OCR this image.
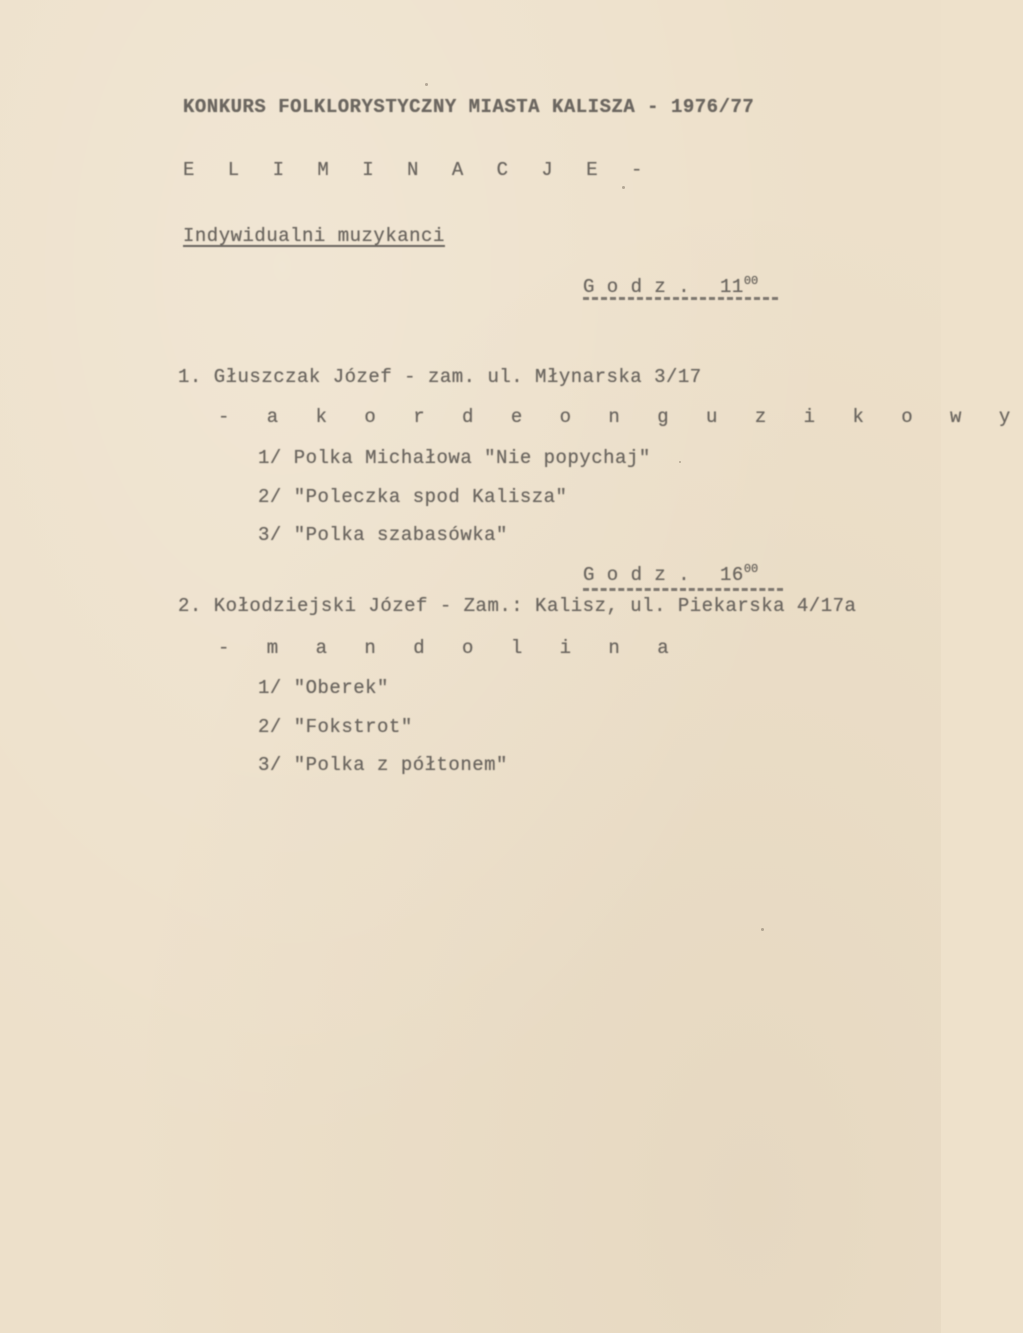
KONKURS FOLKLORYSTYCZNY MIASTA KALISZA - 1976/77
E L I M I N A C J E -
Indywidualni muzykanci
G o d z . $11^{00}$
1. Głuszczak Józef - zam. ul. Młynarska 3/17
- a k o r d e o n g u z i k o w y
1/ Polka Michałowa "Nie popychaj"
2/ "Poleczka spod Kalisza"
3/ "Polka szabasówka"
G o d z . $16^{00}$
2. Kołodziejski Józef - Zam.: Kalisz, ul. Piekarska 4/17a
- m a n d o l i n a
1/ "Oberek"
2/ "Fokstrot"
3/ "Polka z półtonem"
